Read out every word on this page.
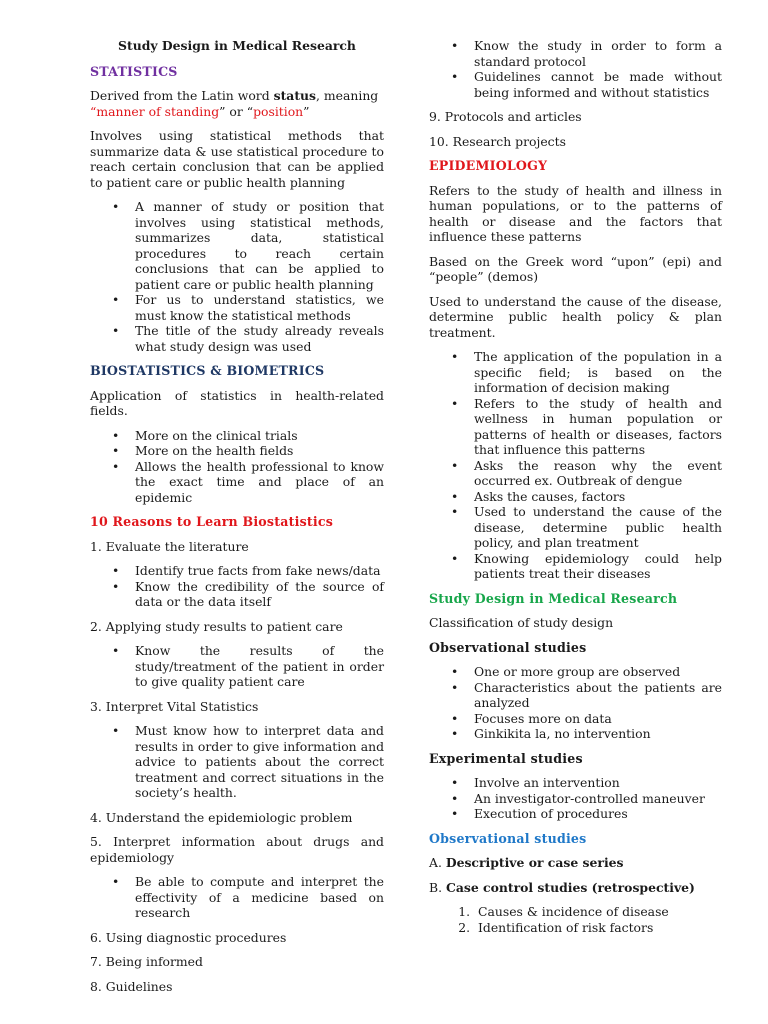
Study Design in Medical Research
STATISTICS

Derived from the Latin word status, meaning
“manner of standing” or “position”

Involves using statistical methods that summarize data & use statistical procedure to reach certain conclusion that can be applied to patient care or public health planning

• A manner of study or position that involves using statistical methods, summarizes data, statistical procedures to reach certain conclusions that can be applied to patient care or public health planning
• For us to understand statistics, we must know the statistical methods
• The title of the study already reveals what study design was used
BIOSTATISTICS & BIOMETRICS

Application of statistics in health-related fields.

• More on the clinical trials
• More on the health fields
• Allows the health professional to know the exact time and place of an epidemic
10 Reasons to Learn Biostatistics

1. Evaluate the literature

• Identify true facts from fake news/data
• Know the credibility of the source of data or the data itself

2. Applying study results to patient care

• Know the results of the study/treatment of the patient in order to give quality patient care

3. Interpret Vital Statistics

• Must know how to interpret data and results in order to give information and advice to patients about the correct treatment and correct situations in the society’s health.

4. Understand the epidemiologic problem

5. Interpret information about drugs and epidemiology

• Be able to compute and interpret the effectivity of a medicine based on research

6. Using diagnostic procedures

7. Being informed

8. Guidelines

• Know the study in order to form a standard protocol
• Guidelines cannot be made without being informed and without statistics

9. Protocols and articles

10. Research projects

EPIDEMIOLOGY

Refers to the study of health and illness in human populations, or to the patterns of health or disease and the factors that influence these patterns

Based on the Greek word “upon” (epi) and “people” (demos)

Used to understand the cause of the disease, determine public health policy & plan treatment.

• The application of the population in a specific field; is based on the information of decision making
• Refers to the study of health and wellness in human population or patterns of health or diseases, factors that influence this patterns
• Asks the reason why the event occurred ex. Outbreak of dengue
• Asks the causes, factors
• Used to understand the cause of the disease, determine public health policy, and plan treatment
• Knowing epidemiology could help patients treat their diseases
Study Design in Medical Research

Classification of study design

Observational studies
• One or more group are observed
• Characteristics about the patients are analyzed
• Focuses more on data
• Ginkikita la, no intervention
Experimental studies
• Involve an intervention
• An investigator-controlled maneuver
• Execution of procedures
Observational studies

A. Descriptive or case series

B. Case control studies (retrospective)

1. Causes & incidence of disease
2. Identification of risk factors
